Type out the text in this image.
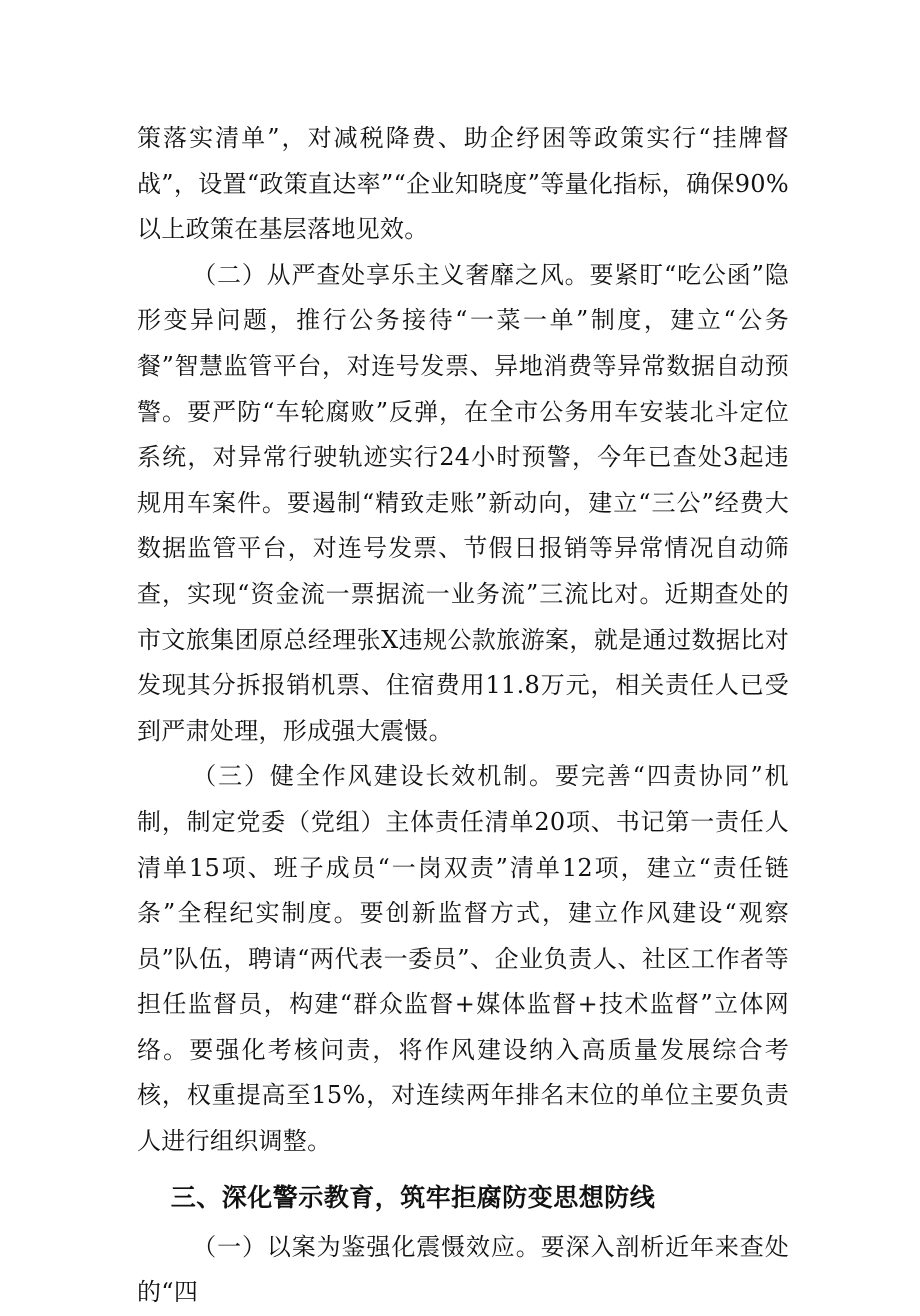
策落实清单”，对减税降费、助企纾困等政策实行“挂牌督战”，设置“政策直达率”“企业知晓度”等量化指标，确保90%以上政策在基层落地见效。

（二）从严查处享乐主义奢靡之风。要紧盯“吃公函”隐形变异问题，推行公务接待“一菜一单”制度，建立“公务餐”智慧监管平台，对连号发票、异地消费等异常数据自动预警。要严防“车轮腐败”反弹，在全市公务用车安装北斗定位系统，对异常行驶轨迹实行24小时预警，今年已查处3起违规用车案件。要遏制“精致走账”新动向，建立“三公”经费大数据监管平台，对连号发票、节假日报销等异常情况自动筛查，实现“资金流一票据流一业务流”三流比对。近期查处的市文旅集团原总经理张X违规公款旅游案，就是通过数据比对发现其分拆报销机票、住宿费用11.8万元，相关责任人已受到严肃处理，形成强大震慑。

（三）健全作风建设长效机制。要完善“四责协同”机制，制定党委（党组）主体责任清单20项、书记第一责任人清单15项、班子成员“一岗双责”清单12项，建立“责任链条”全程纪实制度。要创新监督方式，建立作风建设“观察员”队伍，聘请“两代表一委员”、企业负责人、社区工作者等担任监督员，构建“群众监督+媒体监督+技术监督”立体网络。要强化考核问责，将作风建设纳入高质量发展综合考核，权重提高至15%，对连续两年排名末位的单位主要负责人进行组织调整。

三、深化警示教育，筑牢拒腐防变思想防线

（一）以案为鉴强化震慑效应。要深入剖析近年来查处的“四
